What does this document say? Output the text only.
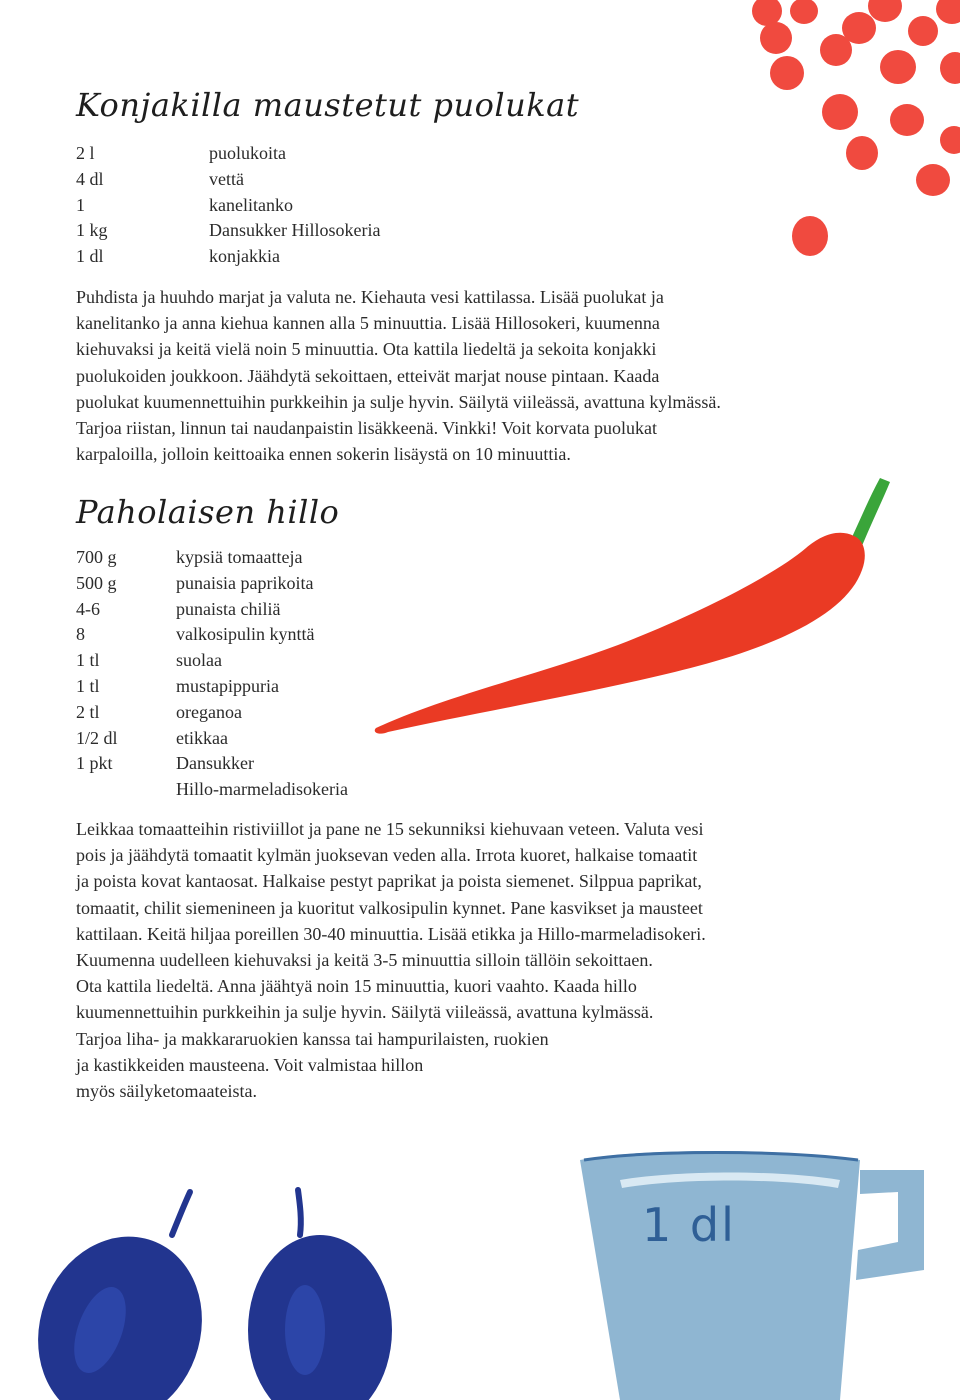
Konjakilla maustetut puolukat
2 l	puolukoita
4 dl	vettä
1	kanelitanko
1 kg	Dansukker Hillosokeria
1 dl	konjakkia
Puhdista ja huuhdo marjat ja valuta ne. Kiehauta vesi kattilassa. Lisää puolukat ja
kanelitanko ja anna kiehua kannen alla 5 minuuttia. Lisää Hillosokeri, kuumenna
kiehuvaksi ja keitä vielä noin 5 minuuttia. Ota kattila liedeltä ja sekoita konjakki
puolukoiden joukkoon. Jäähdytä sekoittaen, etteivät marjat nouse pintaan. Kaada
puolukat kuumennettuihin purkkeihin ja sulje hyvin. Säilytä viileässä, avattuna kylmässä.
Tarjoa riistan, linnun tai naudanpaistin lisäkkeenä. Vinkki! Voit korvata puolukat
karpaloilla, jolloin keittoaika ennen sokerin lisäystä on 10 minuuttia.
Paholaisen hillo
700 g	kypsiä tomaatteja
500 g	punaisia paprikoita
4-6	punaista chiliä
8	valkosipulin kynttä
1 tl	suolaa
1 tl	mustapippuria
2 tl	oreganoa
1/2 dl	etikkaa
1 pkt	Dansukker
	Hillo-marmeladisokeria
Leikkaa tomaatteihin ristiviillot ja pane ne 15 sekunniksi kiehuvaan veteen. Valuta vesi
pois ja jäähdytä tomaatit kylmän juoksevan veden alla. Irrota kuoret, halkaise tomaatit
ja poista kovat kantaosat. Halkaise pestyt paprikat ja poista siemenet. Silppua paprikat,
tomaatit, chilit siemenineen ja kuoritut valkosipulin kynnet. Pane kasvikset ja mausteet
kattilaan. Keitä hiljaa poreillen 30-40 minuuttia. Lisää etikka ja Hillo-marmeladisokeri.
Kuumenna uudelleen kiehuvaksi ja keitä 3-5 minuuttia silloin tällöin sekoittaen.
Ota kattila liedeltä. Anna jäähtyä noin 15 minuuttia, kuori vaahto. Kaada hillo
kuumennettuihin purkkeihin ja sulje hyvin. Säilytä viileässä, avattuna kylmässä.
Tarjoa liha- ja makkararuokien kanssa tai hampurilaisten, ruokien
ja kastikkeiden mausteena. Voit valmistaa hillon
myös säilyketomaateista.
1 dl
